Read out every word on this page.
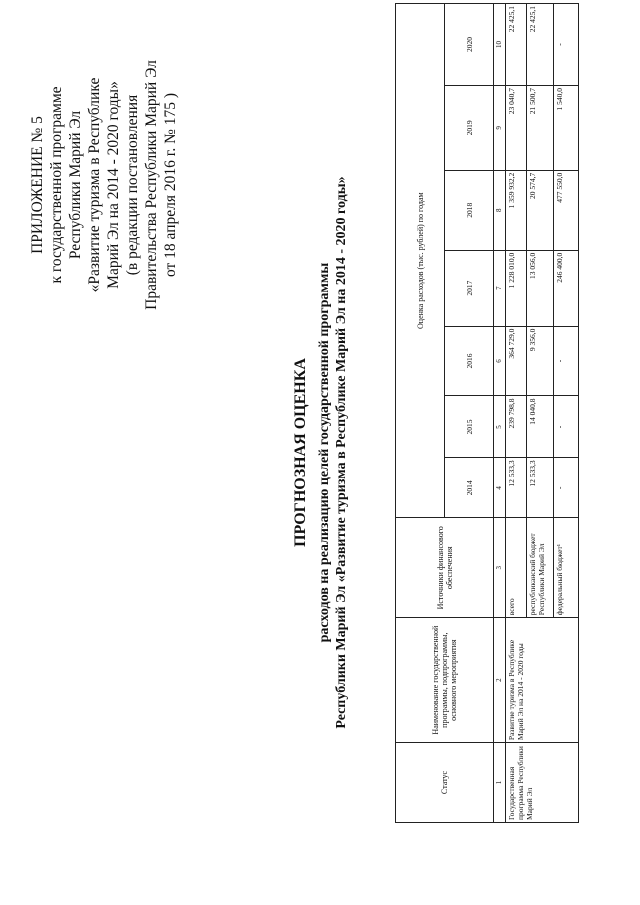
ПРИЛОЖЕНИЕ № 5 к государственной программе Республики Марий Эл «Развитие туризма в Республике Марий Эл на 2014 - 2020 годы» (в редакции постановления Правительства Республики Марий Эл от 18 апреля 2016 г. № 175 )
ПРОГНОЗНАЯ ОЦЕНКА расходов на реализацию целей государственной программы Республики Марий Эл «Развитие туризма в Республике Марий Эл на 2014 - 2020 годы»
Статус	Наименование государственной программы, подпрограммы, основного мероприятия	Источники финансового обеспечения	Оценка расходов (тыс. рублей) по годам						
			2014	2015	2016	2017	2018	2019	2020
1	2	3	4	5	6	7	8	9	10
Государственная программа Республики Марий Эл	Развитие туризма в Республике Марий Эл на 2014 - 2020 годы	всего	12 533,3	239 798,8	364 729,0	1 228 010,0	1 359 932,2	23 040,7	22 425,1
		республиканский бюджет Республики Марий Эл	12 533,3	14 040,8	9 356,0	13 056,0	20 574,7	21 500,7	22 425,1
		федеральный бюджет¹	-	-	-	246 400,0	477 550,0	1 540,0	-
